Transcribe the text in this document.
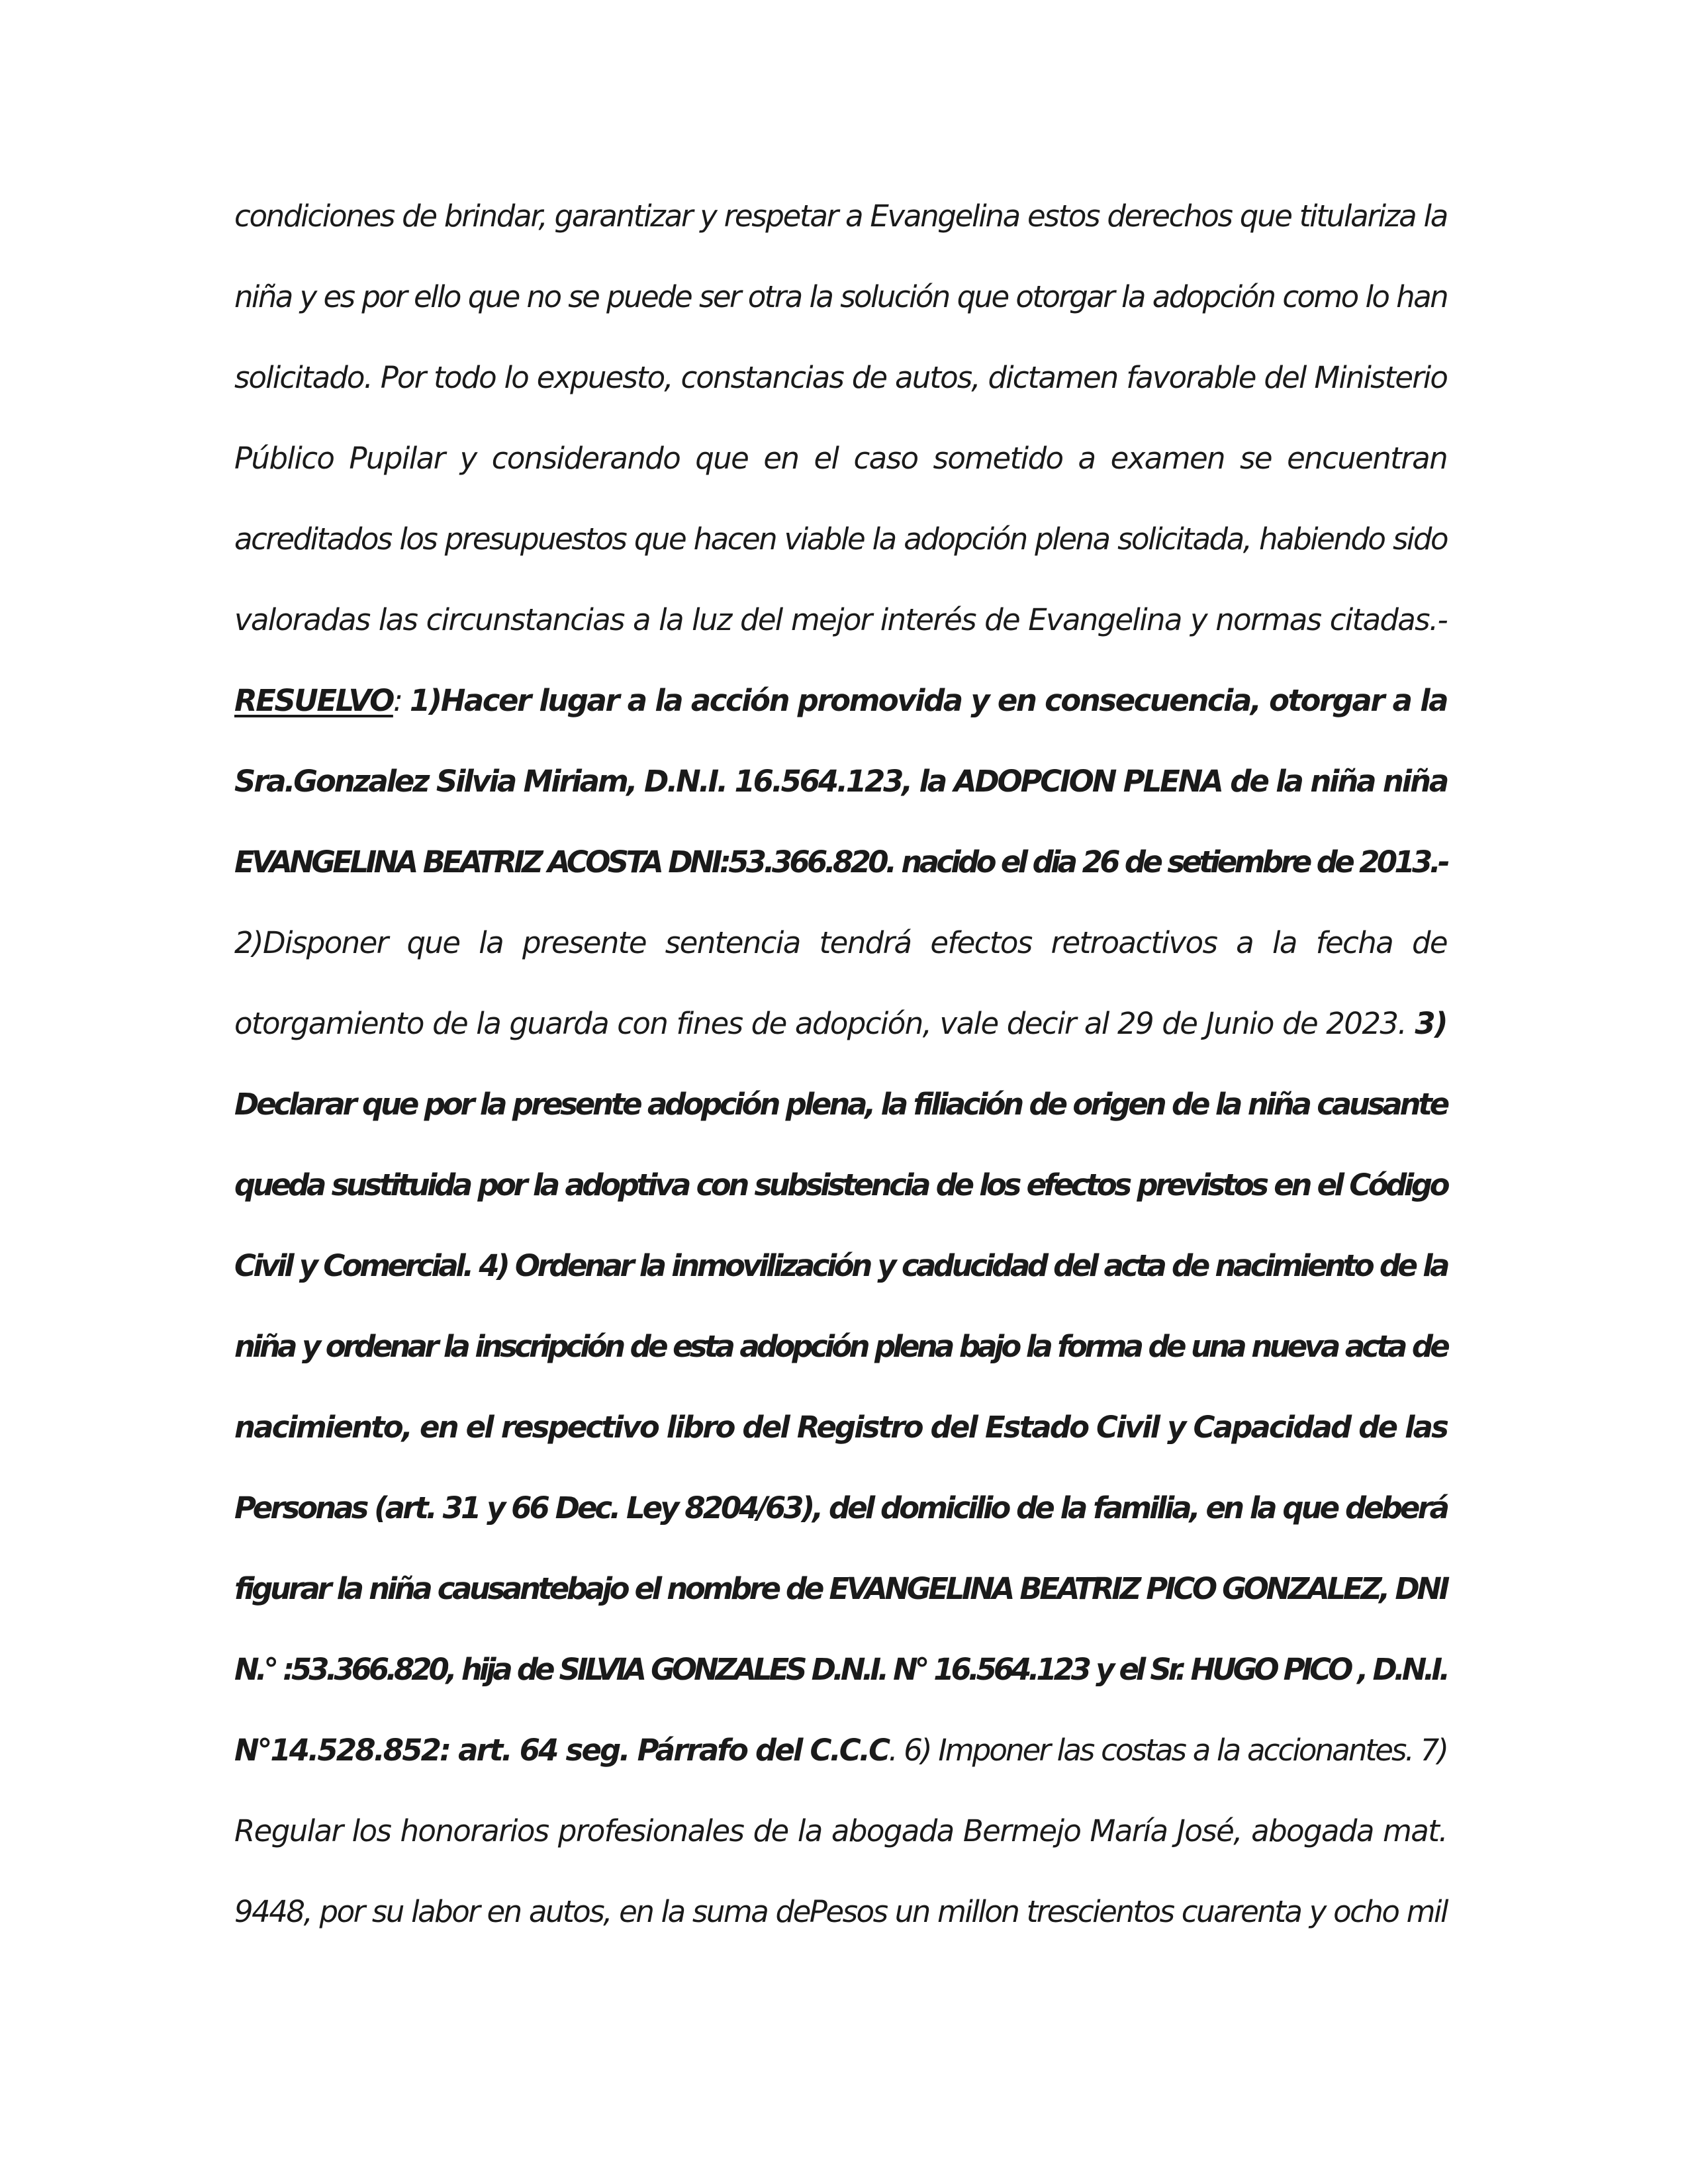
condiciones de brindar, garantizar y respetar a Evangelina estos derechos que titulariza la
niña y es por ello que no se puede ser otra la solución que otorgar la adopción como lo han
solicitado. Por todo lo expuesto, constancias de autos, dictamen favorable del Ministerio
Público Pupilar y considerando que en el caso sometido a examen se encuentran
acreditados los presupuestos que hacen viable la adopción plena solicitada, habiendo sido
valoradas las circunstancias a la luz del mejor interés de Evangelina y normas citadas.-
RESUELVO: 1)Hacer lugar a la acción promovida y en consecuencia, otorgar a la
Sra.Gonzalez Silvia Miriam, D.N.I. 16.564.123, la ADOPCION PLENA de la niña niña
EVANGELINA BEATRIZ ACOSTA DNI:53.366.820. nacido el dia 26 de setiembre de 2013.-
2)Disponer que la presente sentencia tendrá efectos retroactivos a la fecha de
otorgamiento de la guarda con fines de adopción, vale decir al 29 de Junio de 2023. 3)
Declarar que por la presente adopción plena, la filiación de origen de la niña causante
queda sustituida por la adoptiva con subsistencia de los efectos previstos en el Código
Civil y Comercial. 4) Ordenar la inmovilización y caducidad del acta de nacimiento de la
niña y ordenar la inscripción de esta adopción plena bajo la forma de una nueva acta de
nacimiento, en el respectivo libro del Registro del Estado Civil y Capacidad de las
Personas (art. 31 y 66 Dec. Ley 8204/63), del domicilio de la familia, en la que deberá
figurar la niña causantebajo el nombre de EVANGELINA BEATRIZ PICO GONZALEZ, DNI
N.° :53.366.820, hija de SILVIA GONZALES D.N.I. N° 16.564.123 y el Sr. HUGO PICO , D.N.I.
N°14.528.852: art. 64 seg. Párrafo del C.C.C. 6) Imponer las costas a la accionantes. 7)
Regular los honorarios profesionales de la abogada Bermejo María José, abogada mat.
9448, por su labor en autos, en la suma dePesos un millon trescientos cuarenta y ocho mil
